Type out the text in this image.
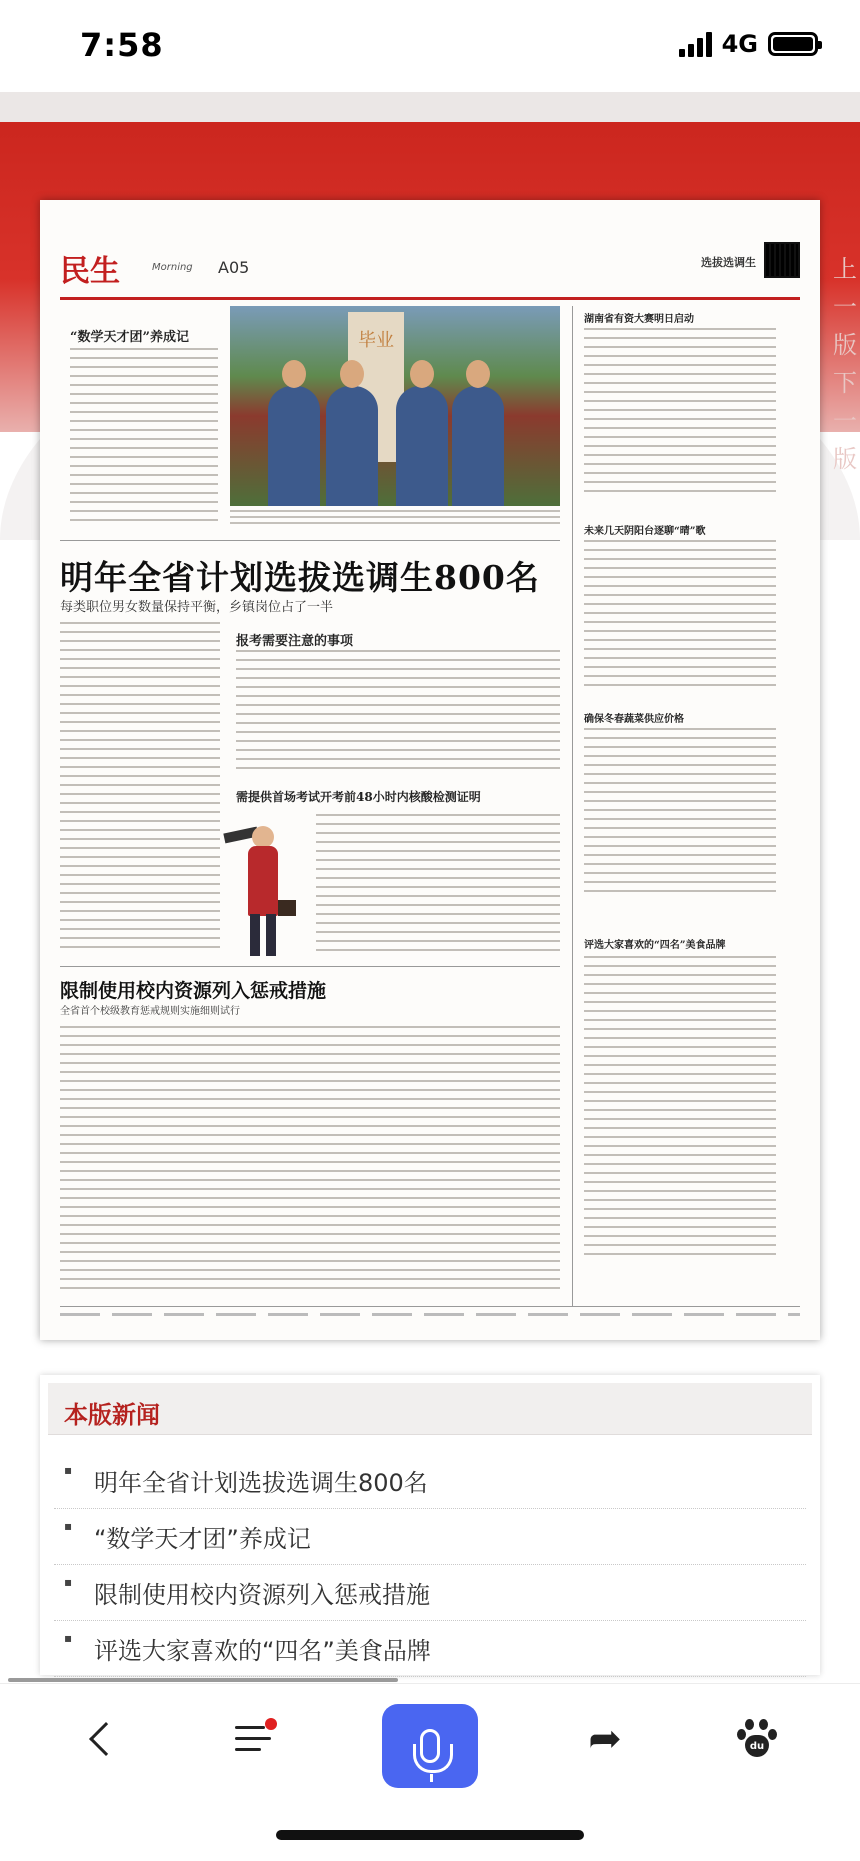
7:58	4G
上一版 下一版
民生	Morning A05	选拔选调生
“数学天才团”养成记	毕业
湖南省有资大赛明日启动
未来几天阴阳台逐聊“晴”歌
确保冬春蔬菜供应价格
评选大家喜欢的“四名”美食品牌
明年全省计划选拔选调生800名
每类职位男女数量保持平衡，乡镇岗位占了一半
报考需要注意的事项
需提供首场考试开考前48小时内核酸检测证明
限制使用校内资源列入惩戒措施
全省首个校级教育惩戒规则实施细则试行
本版新闻
▪ 明年全省计划选拔选调生800名
▪ “数学天才团”养成记
▪ 限制使用校内资源列入惩戒措施
▪ 评选大家喜欢的“四名”美食品牌
➦	du
